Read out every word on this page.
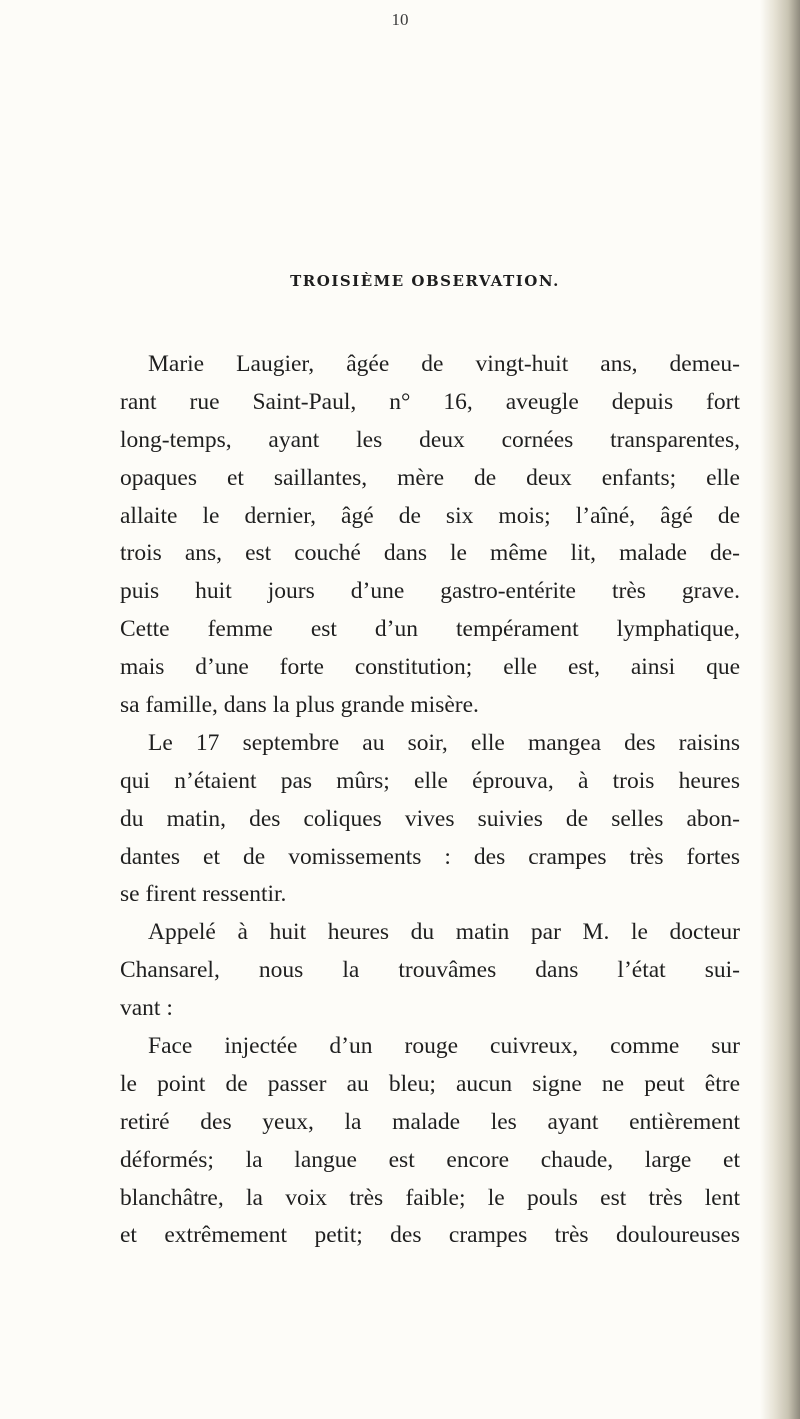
10
TROISIÈME OBSERVATION.
Marie Laugier, âgée de vingt-huit ans, demeu-
rant rue Saint-Paul, n° 16, aveugle depuis fort
long-temps, ayant les deux cornées transparentes,
opaques et saillantes, mère de deux enfants; elle
allaite le dernier, âgé de six mois; l’aîné, âgé de
trois ans, est couché dans le même lit, malade de-
puis huit jours d’une gastro-entérite très grave.
Cette femme est d’un tempérament lymphatique,
mais d’une forte constitution; elle est, ainsi que
sa famille, dans la plus grande misère.
Le 17 septembre au soir, elle mangea des raisins
qui n’étaient pas mûrs; elle éprouva, à trois heures
du matin, des coliques vives suivies de selles abon-
dantes et de vomissements : des crampes très fortes
se firent ressentir.
Appelé à huit heures du matin par M. le docteur
Chansarel, nous la trouvâmes dans l’état sui-
vant :
Face injectée d’un rouge cuivreux, comme sur
le point de passer au bleu; aucun signe ne peut être
retiré des yeux, la malade les ayant entièrement
déformés; la langue est encore chaude, large et
blanchâtre, la voix très faible; le pouls est très lent
et extrêmement petit; des crampes très douloureuses
